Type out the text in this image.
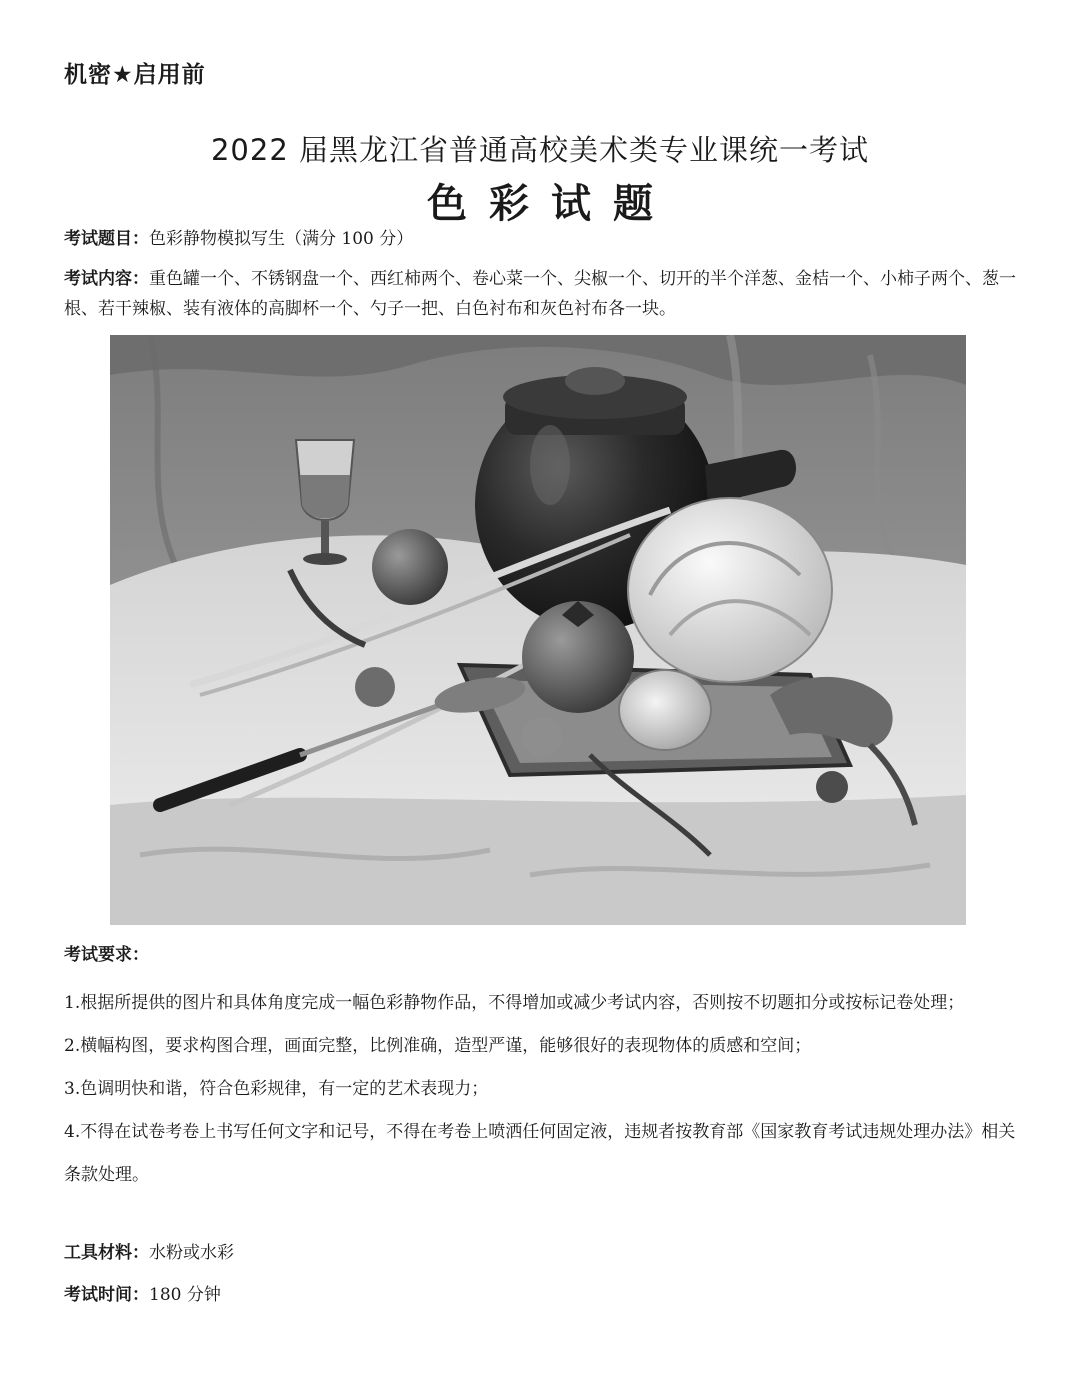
机密★启用前
2022 届黑龙江省普通高校美术类专业课统一考试
色彩试题
考试题目：色彩静物模拟写生（满分 100 分）
考试内容：重色罐一个、不锈钢盘一个、西红柿两个、卷心菜一个、尖椒一个、切开的半个洋葱、金桔一个、小柿子两个、葱一根、若干辣椒、装有液体的高脚杯一个、勺子一把、白色衬布和灰色衬布各一块。
考试要求：

1.根据所提供的图片和具体角度完成一幅色彩静物作品，不得增加或减少考试内容，否则按不切题扣分或按标记卷处理；

2.横幅构图，要求构图合理，画面完整，比例准确，造型严谨，能够很好的表现物体的质感和空间；

3.色调明快和谐，符合色彩规律，有一定的艺术表现力；

4.不得在试卷考卷上书写任何文字和记号，不得在考卷上喷洒任何固定液，违规者按教育部《国家教育考试违规处理办法》相关条款处理。

工具材料：水粉或水彩
考试时间：180 分钟
